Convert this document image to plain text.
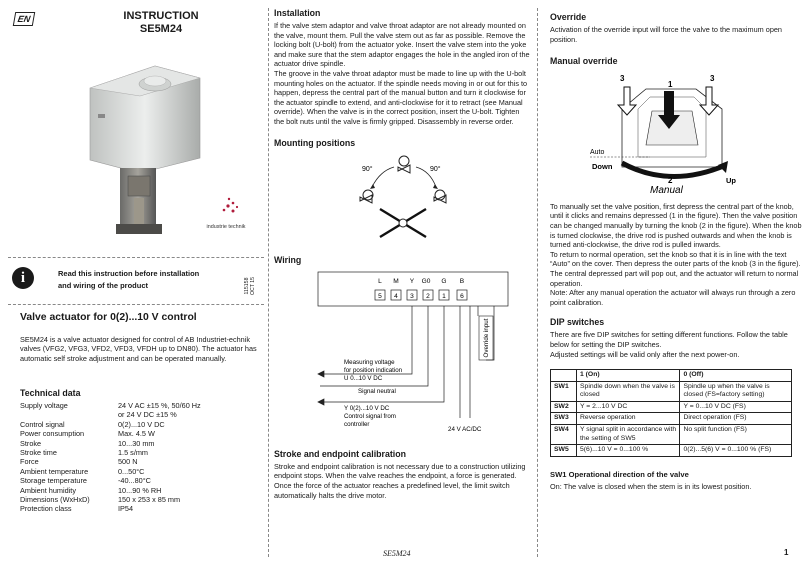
EN	INSTRUCTION
SE5M24
industrie technik
i	Read this instruction before installation
and wiring of the product	115158 OCT 15
Valve actuator for 0(2)...10 V control

SE5M24 is a valve actuator designed for control of AB Industriet-echnik valves (VFG2, VFG3, VFD2, VFD3, VFDH up to DN80). The actuator has automatic self stroke adjustment and can be operated manually.

Technical data
Supply voltage	24 V AC ±15 %, 50/60 Hz
or 24 V DC ±15 %
Control signal	0(2)...10 V DC
Power consumption	Max. 4.5 W
Stroke	10...30 mm
Stroke time	1.5 s/mm
Force	500 N
Ambient temperature	0...50°C
Storage temperature	-40...80°C
Ambient humidity	10...90 % RH
Dimensions (WxHxD)	150 x 253 x 85 mm
Protection class	IP54
Installation

If the valve stem adaptor and valve throat adaptor are not already mounted on the valve, mount them. Pull the valve stem out as far as possible. Remove the locking bolt (U-bolt) from the actuator yoke. Insert the valve stem into the yoke and make sure that the stem adaptor engages the hole in the angled iron of the actuator drive spindle.

The groove in the valve throat adaptor must be made to line up with the U-bolt mounting holes on the actuator. If the spindle needs moving in or out for this to happen, depress the central part of the manual button and turn it clockwise for the actuator spindle to extend, and anti-clockwise for it to retract (see Manual override). When the valve is in the correct position, insert the U-bolt. Tighten the bolt nuts until the valve is firmly gripped. Disassembly in reverse order.

Mounting positions
90°	90°
Wiring
L
5
M
4
Y
3
G0
2
G
1
B
6
Override input
Measuring voltage
for position indication
U 0...10 V DC
Signal neutral
Y 0(2)...10 V DC
Control signal from
controller
24 V AC/DC
Stroke and endpoint calibration

Stroke and endpoint calibration is not necessary due to a construction utilizing endpoint stops. When the valve reaches the endpoint, a force is generated. Once the force of the actuator reaches a predefined level, the limit switch automatically halts the drive motor.

SE5M24	1
Override

Activation of the override input will force the valve to the maximum open position.

Manual override
3
1
3
Auto
Down
2
Manual
Up

To manually set the valve position, first depress the central part of the knob, until it clicks and remains depressed (1 in the figure). Then the valve position can be changed manually by turning the knob (2 in the figure). When the knob is turned clockwise, the drive rod is pushed outwards and when the knob is turned anti-clockwise, the drive rod is pulled inwards.

To return to normal operation, set the knob so that it is in line with the text “Auto” on the cover. Then depress the outer parts of the knob (3 in the figure). The central depressed part will pop out, and the actuator will return to normal operation.

Note: After any manual operation the actuator will always run through a zero point calibration.

DIP switches

There are five DIP switches for setting different functions. Follow the table below for setting the DIP switches.

Adjusted settings will be valid only after the next power-on.

	1 (On)	0 (Off)
SW1	Spindle down when the valve is closed	Spindle up when the valve is closed (FS=factory setting)
SW2	Y = 2...10 V DC	Y = 0...10 V DC (FS)
SW3	Reverse operation	Direct operation (FS)
SW4	Y signal split in accordance with the setting of SW5	No split function (FS)
SW5	5(6)...10 V = 0...100 %	0(2)...5(6) V = 0...100 % (FS)
SW1 Operational direction of the valve

On: The valve is closed when the stem is in its lowest position.
